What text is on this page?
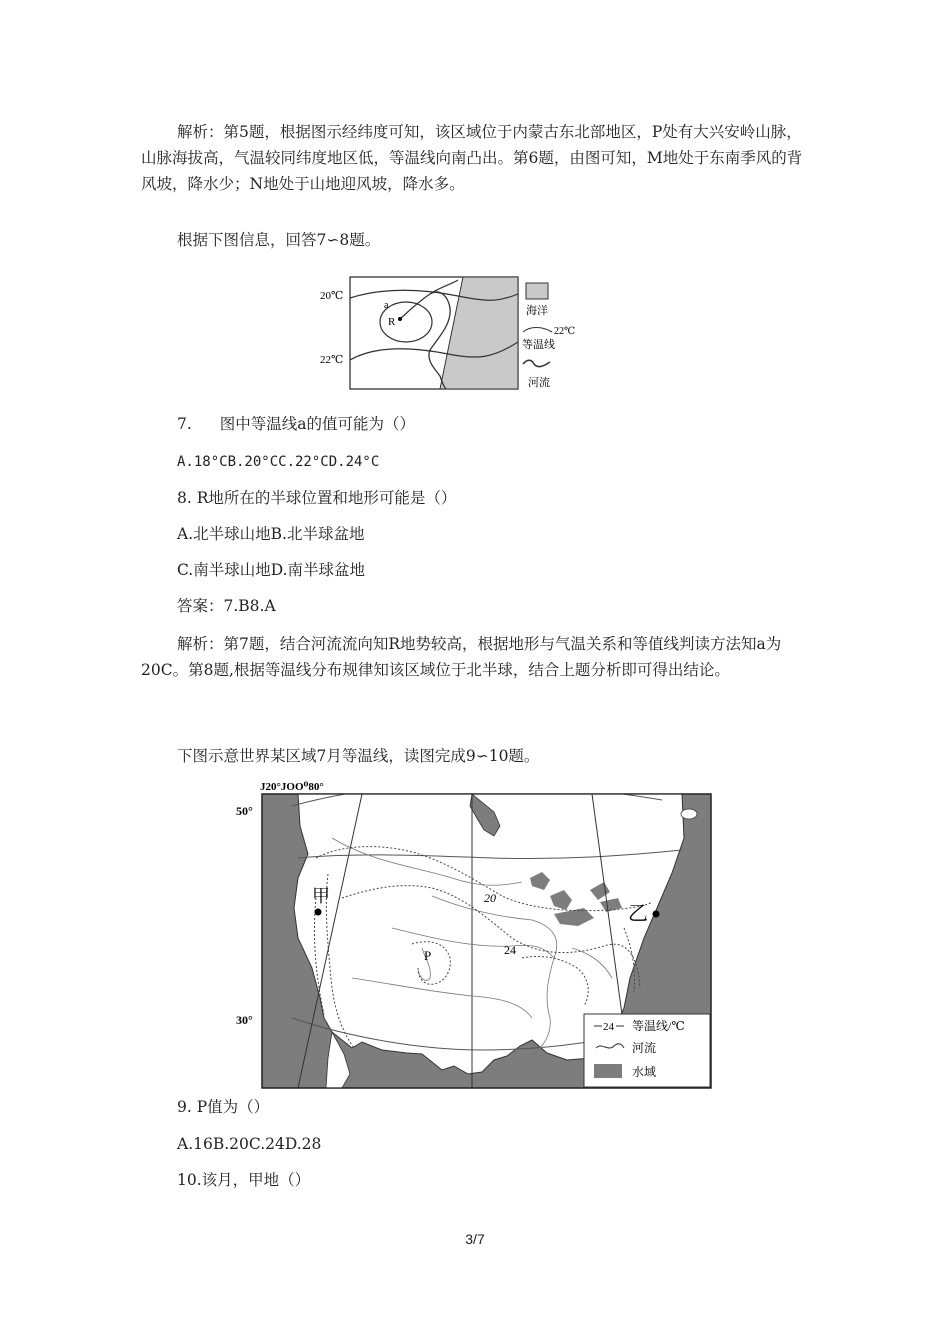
解析：第5题，根据图示经纬度可知，该区域位于内蒙古东北部地区，P处有大兴安岭山脉，山脉海拔高，气温较同纬度地区低，等温线向南凸出。第6题，由图可知，M地处于东南季风的背风坡，降水少；N地处于山地迎风坡，降水多。

根据下图信息，回答7∽8题。
20℃
22℃
a
R
海洋
22℃
等温线
河流
7. 图中等温线a的值可能为（）
A.18°CB.20°CC.22°CD.24°C
8. R地所在的半球位置和地形可能是（）
A.北半球山地B.北半球盆地
C.南半球山地D.南半球盆地
答案：7.B8.A

解析：第7题，结合河流流向知R地势较高，根据地形与气温关系和等值线判读方法知a为20C。第8题,根据等温线分布规律知该区域位于北半球，结合上题分析即可得出结论。

下图示意世界某区域7月等温线，读图完成9∽10题。
J20°JOO⁰80°
50°
30°
甲
乙
P
20
24
24 等温线/℃
河流
水域
9. P值为（）
A.16B.20C.24D.28
10.该月，甲地（）
3/7
